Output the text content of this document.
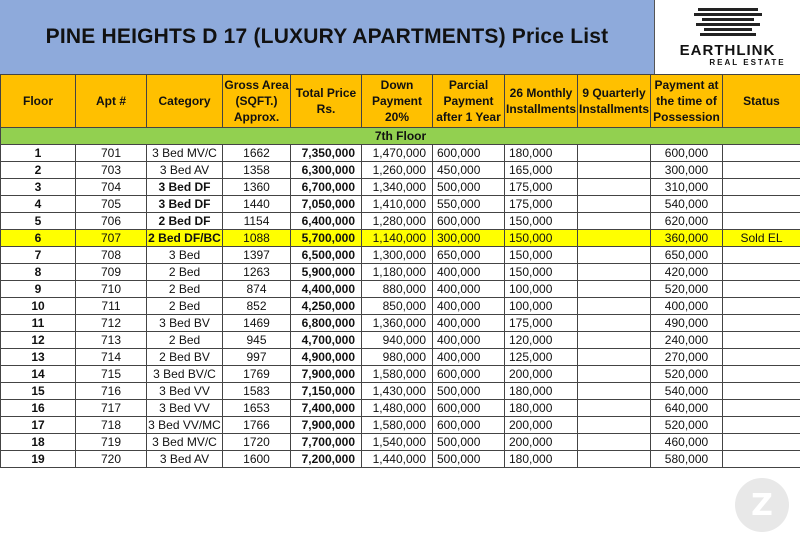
PINE HEIGHTS D 17 (LUXURY APARTMENTS) Price List
EARTHLINK
REAL ESTATE
Floor	Apt #	Category	Gross Area (SQFT.) Approx.	Total Price Rs.	Down Payment 20%	Parcial Payment after 1 Year	26 Monthly Installments	9 Quarterly Installments	Payment at the time of Possession	Status
7th Floor										
1	701	3 Bed MV/C	1662	7,350,000	1,470,000	600,000	180,000		600,000	
2	703	3 Bed AV	1358	6,300,000	1,260,000	450,000	165,000		300,000	
3	704	3 Bed DF	1360	6,700,000	1,340,000	500,000	175,000		310,000	
4	705	3 Bed DF	1440	7,050,000	1,410,000	550,000	175,000		540,000	
5	706	2 Bed DF	1154	6,400,000	1,280,000	600,000	150,000		620,000	
6	707	2 Bed DF/BC	1088	5,700,000	1,140,000	300,000	150,000		360,000	Sold EL
7	708	3 Bed	1397	6,500,000	1,300,000	650,000	150,000		650,000	
8	709	2 Bed	1263	5,900,000	1,180,000	400,000	150,000		420,000	
9	710	2 Bed	874	4,400,000	880,000	400,000	100,000		520,000	
10	711	2 Bed	852	4,250,000	850,000	400,000	100,000		400,000	
11	712	3 Bed BV	1469	6,800,000	1,360,000	400,000	175,000		490,000	
12	713	2 Bed	945	4,700,000	940,000	400,000	120,000		240,000	
13	714	2 Bed BV	997	4,900,000	980,000	400,000	125,000		270,000	
14	715	3 Bed BV/C	1769	7,900,000	1,580,000	600,000	200,000		520,000	
15	716	3 Bed VV	1583	7,150,000	1,430,000	500,000	180,000		540,000	
16	717	3 Bed VV	1653	7,400,000	1,480,000	600,000	180,000		640,000	
17	718	3 Bed VV/MC	1766	7,900,000	1,580,000	600,000	200,000		520,000	
18	719	3 Bed MV/C	1720	7,700,000	1,540,000	500,000	200,000		460,000	
19	720	3 Bed AV	1600	7,200,000	1,440,000	500,000	180,000		580,000	
Z
